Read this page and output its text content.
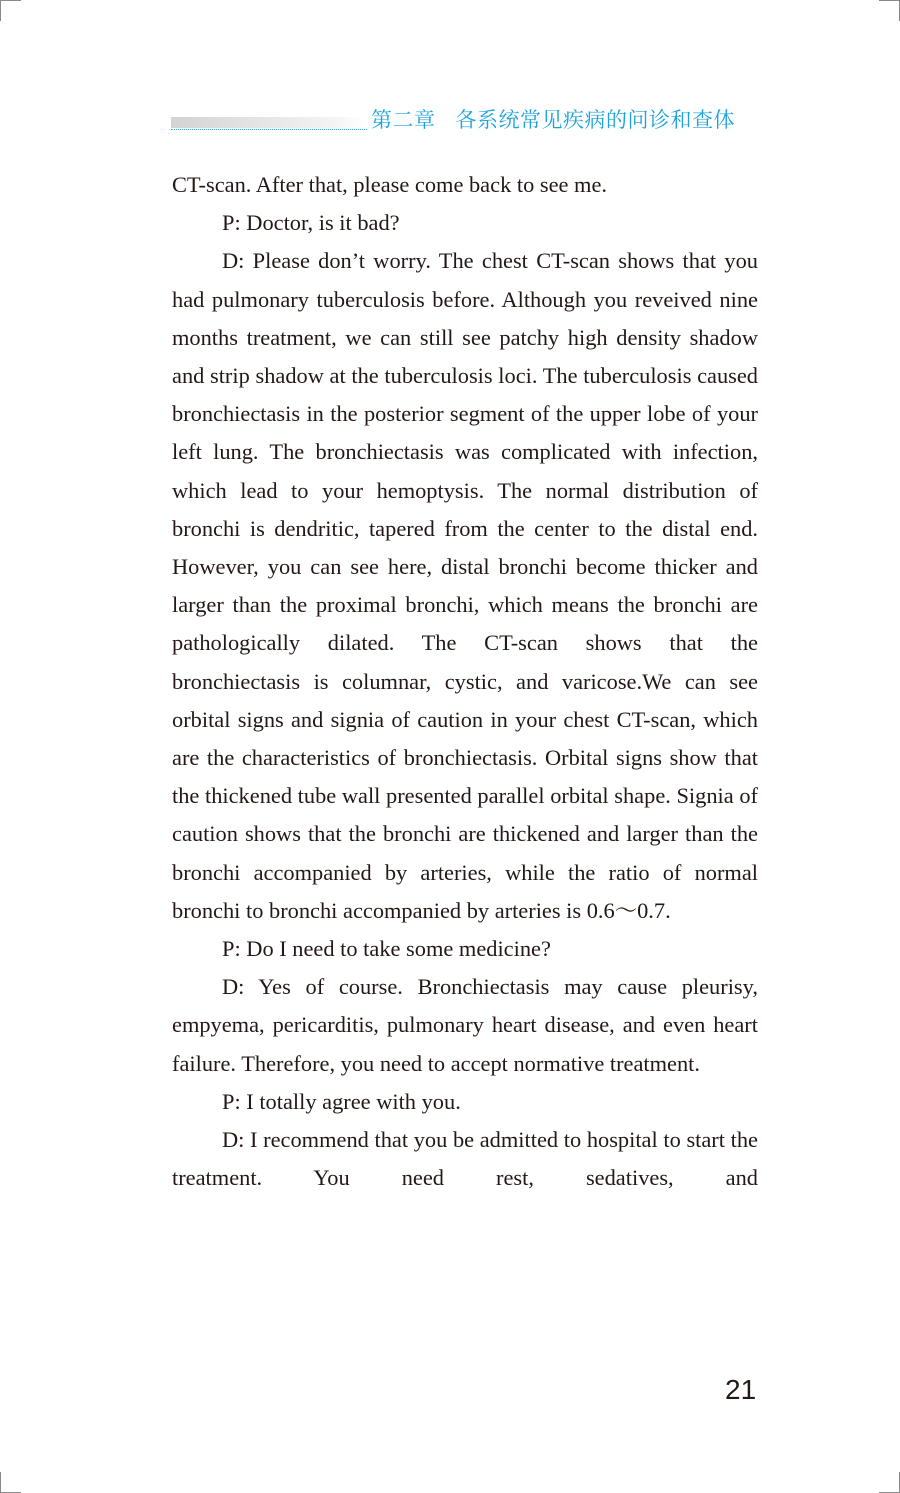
第二章 各系统常见疾病的问诊和查体

CT-scan. After that, please come back to see me.

P: Doctor, is it bad?

D: Please don’t worry. The chest CT-scan shows that you had pulmonary tuberculosis before. Although you reveived nine months treatment, we can still see patchy high density shadow and strip shadow at the tuberculosis loci. The tuberculosis caused bronchiectasis in the posterior segment of the upper lobe of your left lung. The bronchiectasis was complicated with infection, which lead to your hemoptysis. The normal distribution of bronchi is dendritic, tapered from the center to the distal end. However, you can see here, distal bronchi become thicker and larger than the proximal bronchi, which means the bronchi are pathologically dilated. The CT-scan shows that the bronchiectasis is columnar, cystic, and varicose.We can see orbital signs and signia of caution in your chest CT-scan, which are the characteristics of bronchiectasis. Orbital signs show that the thickened tube wall presented parallel orbital shape. Signia of caution shows that the bronchi are thickened and larger than the bronchi accompanied by arteries, while the ratio of normal bronchi to bronchi accompanied by arteries is 0.6～0.7.

P: Do I need to take some medicine?

D: Yes of course. Bronchiectasis may cause pleurisy, empyema, pericarditis, pulmonary heart disease, and even heart failure. Therefore, you need to accept normative treatment.

P: I totally agree with you.

D: I recommend that you be admitted to hospital to start the treatment. You need rest, sedatives, and

21
